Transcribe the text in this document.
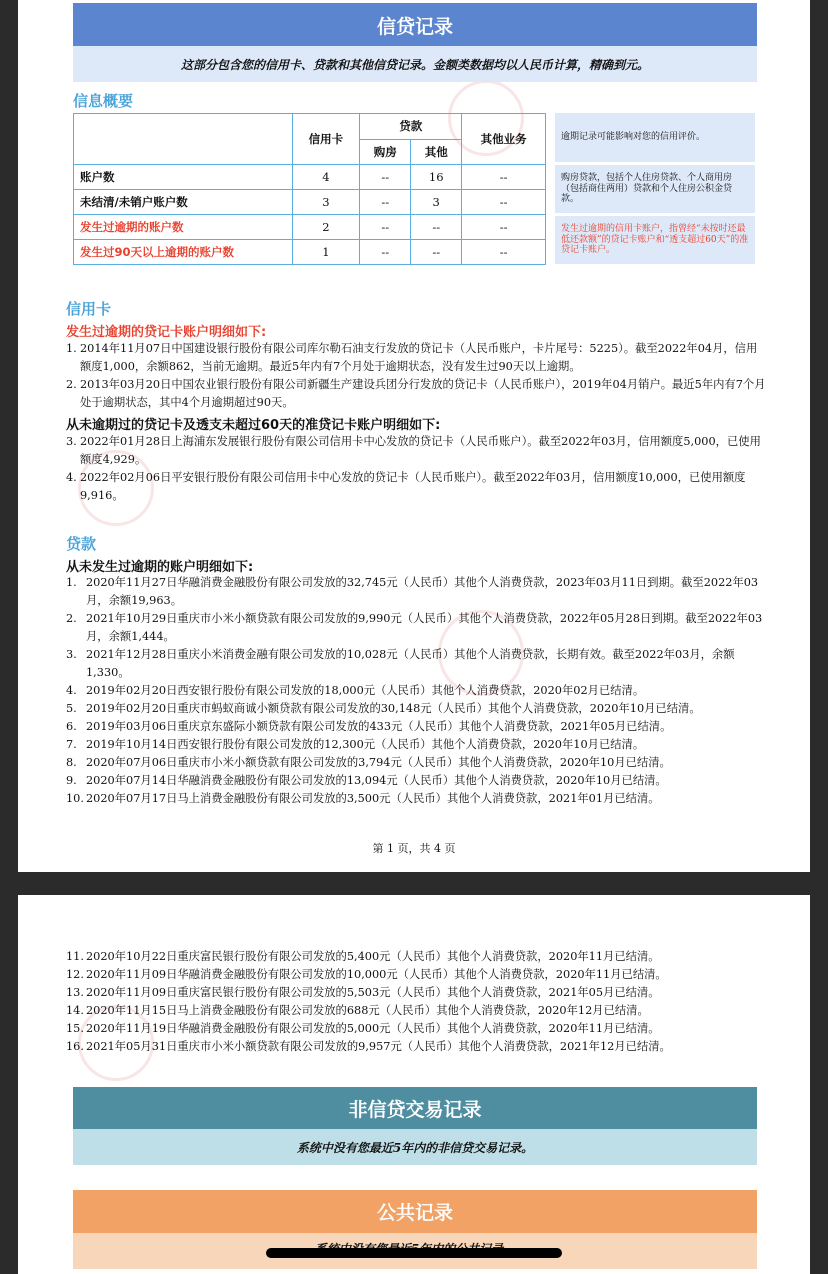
信贷记录
这部分包含您的信用卡、贷款和其他信贷记录。金额类数据均以人民币计算，精确到元。
信息概要
	信用卡	贷款		其他业务
		购房	其他	
账户数	4	--	16	--
未结清/未销户账户数	3	--	3	--
发生过逾期的账户数	2	--	--	--
发生过90天以上逾期的账户数	1	--	--	--
逾期记录可能影响对您的信用评价。
购房贷款，包括个人住房贷款、个人商用房（包括商住两用）贷款和个人住房公积金贷款。
发生过逾期的信用卡账户，指曾经“未按时还最低还款额”的贷记卡账户和“透支超过60天”的准贷记卡账户。
信用卡
发生过逾期的贷记卡账户明细如下:
1. 2014年11月07日中国建设银行股份有限公司库尔勒石油支行发放的贷记卡（人民币账户，卡片尾号：5225）。截至2022年04月，信用额度1,000，余额862，当前无逾期。最近5年内有7个月处于逾期状态，没有发生过90天以上逾期。
2. 2013年03月20日中国农业银行股份有限公司新疆生产建设兵团分行发放的贷记卡（人民币账户），2019年04月销户。最近5年内有7个月处于逾期状态，其中4个月逾期超过90天。
从未逾期过的贷记卡及透支未超过60天的准贷记卡账户明细如下:
3. 2022年01月28日上海浦东发展银行股份有限公司信用卡中心发放的贷记卡（人民币账户）。截至2022年03月，信用额度5,000，已使用额度4,929。
4. 2022年02月06日平安银行股份有限公司信用卡中心发放的贷记卡（人民币账户）。截至2022年03月，信用额度10,000，已使用额度9,916。
贷款
从未发生过逾期的账户明细如下:
1. 2020年11月27日华融消费金融股份有限公司发放的32,745元（人民币）其他个人消费贷款，2023年03月11日到期。截至2022年03月，余额19,963。
2. 2021年10月29日重庆市小米小额贷款有限公司发放的9,990元（人民币）其他个人消费贷款，2022年05月28日到期。截至2022年03月，余额1,444。
3. 2021年12月28日重庆小米消费金融有限公司发放的10,028元（人民币）其他个人消费贷款，长期有效。截至2022年03月，余额1,330。
4. 2019年02月20日西安银行股份有限公司发放的18,000元（人民币）其他个人消费贷款，2020年02月已结清。
5. 2019年02月20日重庆市蚂蚁商诚小额贷款有限公司发放的30,148元（人民币）其他个人消费贷款，2020年10月已结清。
6. 2019年03月06日重庆京东盛际小额贷款有限公司发放的433元（人民币）其他个人消费贷款，2021年05月已结清。
7. 2019年10月14日西安银行股份有限公司发放的12,300元（人民币）其他个人消费贷款，2020年10月已结清。
8. 2020年07月06日重庆市小米小额贷款有限公司发放的3,794元（人民币）其他个人消费贷款，2020年10月已结清。
9. 2020年07月14日华融消费金融股份有限公司发放的13,094元（人民币）其他个人消费贷款，2020年10月已结清。
10. 2020年07月17日马上消费金融股份有限公司发放的3,500元（人民币）其他个人消费贷款，2021年01月已结清。
第 1 页，共 4 页
11. 2020年10月22日重庆富民银行股份有限公司发放的5,400元（人民币）其他个人消费贷款，2020年11月已结清。
12. 2020年11月09日华融消费金融股份有限公司发放的10,000元（人民币）其他个人消费贷款，2020年11月已结清。
13. 2020年11月09日重庆富民银行股份有限公司发放的5,503元（人民币）其他个人消费贷款，2021年05月已结清。
14. 2020年11月15日马上消费金融股份有限公司发放的688元（人民币）其他个人消费贷款，2020年12月已结清。
15. 2020年11月19日华融消费金融股份有限公司发放的5,000元（人民币）其他个人消费贷款，2020年11月已结清。
16. 2021年05月31日重庆市小米小额贷款有限公司发放的9,957元（人民币）其他个人消费贷款，2021年12月已结清。
非信贷交易记录
系统中没有您最近5年内的非信贷交易记录。
公共记录
